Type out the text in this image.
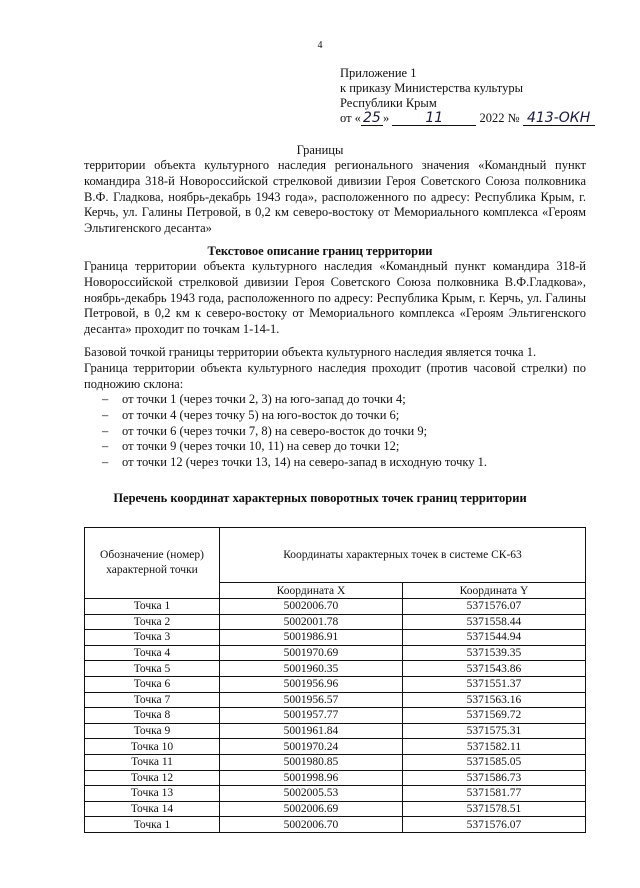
4
Приложение 1
к приказу Министерства культуры
Республики Крым
от « 25 »	11	2022 № 413-ОКН
Границы
территории объекта культурного наследия регионального значения «Командный пункт командира 318-й Новороссийской стрелковой дивизии Героя Советского Союза полковника В.Ф. Гладкова, ноябрь-декабрь 1943 года», расположенного по адресу: Республика Крым, г. Керчь, ул. Галины Петровой, в 0,2 км северо-востоку от Мемориального комплекса «Героям Эльтигенского десанта»
Текстовое описание границ территории
Граница территории объекта культурного наследия «Командный пункт командира 318-й Новороссийской стрелковой дивизии Героя Советского Союза полковника В.Ф.Гладкова», ноябрь-декабрь 1943 года, расположенного по адресу: Республика Крым, г. Керчь, ул. Галины Петровой, в 0,2 км к северо-востоку от Мемориального комплекса «Героям Эльтигенского десанта» проходит по точкам 1-14-1.
Базовой точкой границы территории объекта культурного наследия является точка 1.
Граница территории объекта культурного наследия проходит (против часовой стрелки) по подножию склона:
– от точки 1 (через точки 2, 3) на юго-запад до точки 4;
– от точки 4 (через точку 5) на юго-восток до точки 6;
– от точки 6 (через точки 7, 8) на северо-восток до точки 9;
– от точки 9 (через точки 10, 11) на север до точки 12;
– от точки 12 (через точки 13, 14) на северо-запад в исходную точку 1.
Перечень координат характерных поворотных точек границ территории
Обозначение (номер) характерной точки	Координаты характерных точек в системе СК-63	
	Координата X	Координата Y
Точка 1	5002006.70	5371576.07
Точка 2	5002001.78	5371558.44
Точка 3	5001986.91	5371544.94
Точка 4	5001970.69	5371539.35
Точка 5	5001960.35	5371543.86
Точка 6	5001956.96	5371551.37
Точка 7	5001956.57	5371563.16
Точка 8	5001957.77	5371569.72
Точка 9	5001961.84	5371575.31
Точка 10	5001970.24	5371582.11
Точка 11	5001980.85	5371585.05
Точка 12	5001998.96	5371586.73
Точка 13	5002005.53	5371581.77
Точка 14	5002006.69	5371578.51
Точка 1	5002006.70	5371576.07
